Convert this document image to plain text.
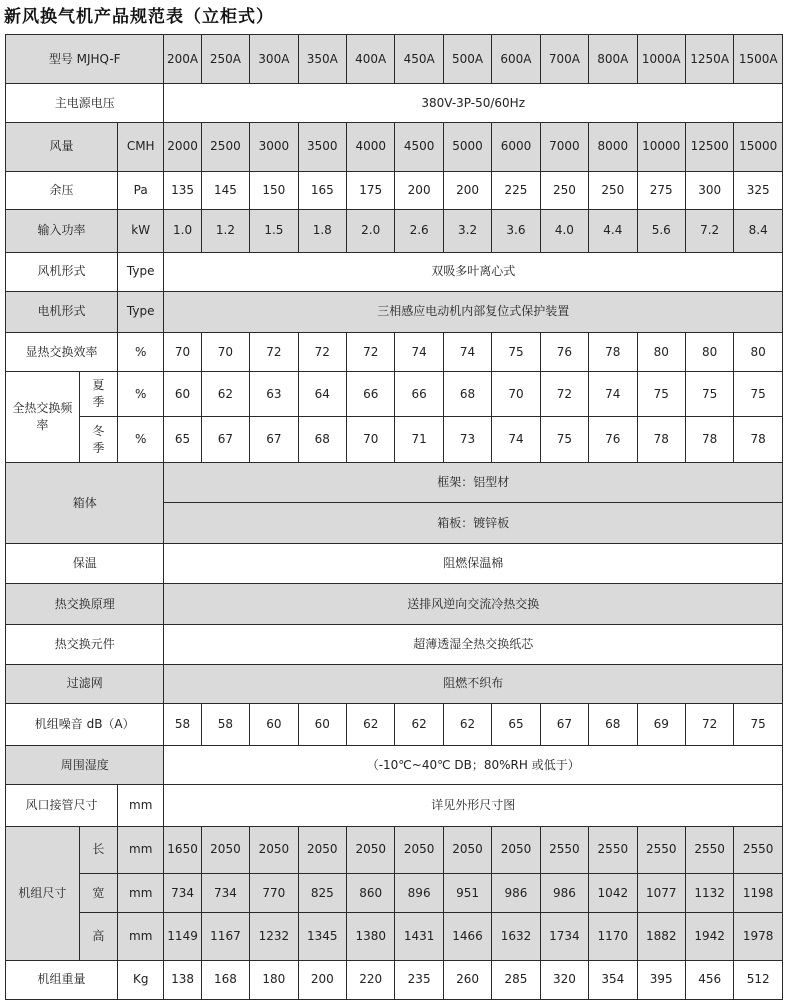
新风换气机产品规范表（立柜式）
型号 MJHQ-F			200A	250A	300A	350A	400A	450A	500A	600A	700A	800A	1000A	1250A	1500A
主电源电压			380V-3P-50/60Hz												
风量		CMH	2000	2500	3000	3500	4000	4500	5000	6000	7000	8000	10000	12500	15000
余压		Pa	135	145	150	165	175	200	200	225	250	250	275	300	325
输入功率		kW	1.0	1.2	1.5	1.8	2.0	2.6	3.2	3.6	4.0	4.4	5.6	7.2	8.4
风机形式		Type	双吸多叶离心式												
电机形式		Type	三相感应电动机内部复位式保护装置												
显热交换效率		%	70	70	72	72	72	74	74	75	76	78	80	80	80
全热交换频率	夏季	%	60	62	63	64	66	66	68	70	72	74	75	75	75
	冬季	%	65	67	67	68	70	71	73	74	75	76	78	78	78
箱体			框架：铝型材												
			箱板：镀锌板												
保温			阻燃保温棉												
热交换原理			送排风逆向交流冷热交换												
热交换元件			超薄透湿全热交换纸芯												
过滤网			阻燃不织布												
机组噪音 dB（A）			58	58	60	60	62	62	62	65	67	68	69	72	75
周围湿度			（-10℃~40℃ DB；80%RH 或低于）												
风口接管尺寸		mm	详见外形尺寸图												
机组尺寸	长	mm	1650	2050	2050	2050	2050	2050	2050	2050	2550	2550	2550	2550	2550
	宽	mm	734	734	770	825	860	896	951	986	986	1042	1077	1132	1198
	高	mm	1149	1167	1232	1345	1380	1431	1466	1632	1734	1170	1882	1942	1978
机组重量		Kg	138	168	180	200	220	235	260	285	320	354	395	456	512
